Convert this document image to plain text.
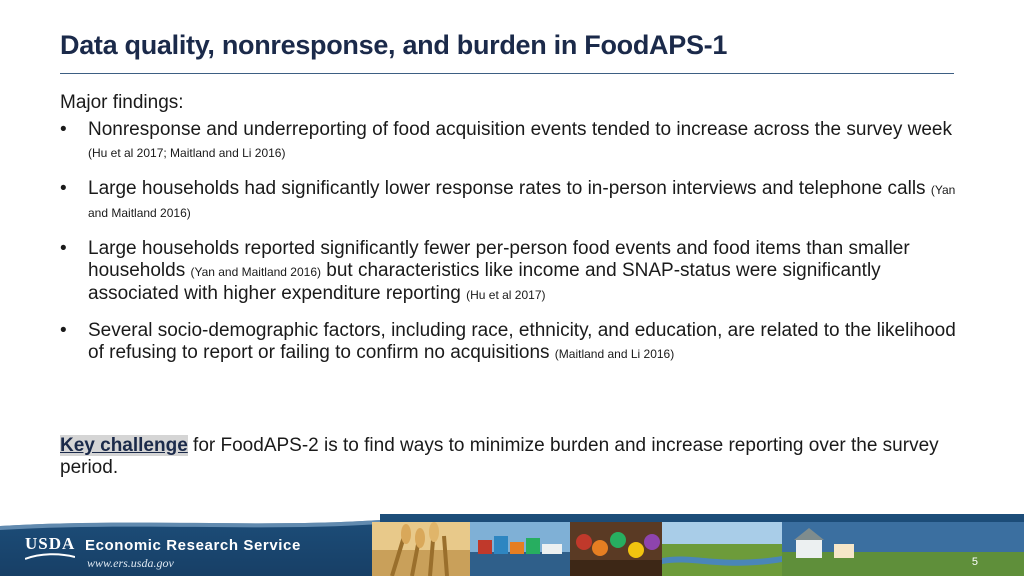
Data quality, nonresponse, and burden in FoodAPS-1

Major findings:

• Nonresponse and underreporting of food acquisition events tended to increase across the survey week (Hu et al 2017; Maitland and Li 2016)
• Large households had significantly lower response rates to in-person interviews and telephone calls (Yan and Maitland 2016)
• Large households reported significantly fewer per-person food events and food items than smaller households (Yan and Maitland 2016) but characteristics like income and SNAP-status were significantly associated with higher expenditure reporting (Hu et al 2017)
• Several socio-demographic factors, including race, ethnicity, and education, are related to the likelihood of refusing to report or failing to confirm no acquisitions (Maitland and Li 2016)
Key challenge for FoodAPS-2 is to find ways to minimize burden and increase reporting over the survey period.
USDA Economic Research Service
www.ers.usda.gov	5
